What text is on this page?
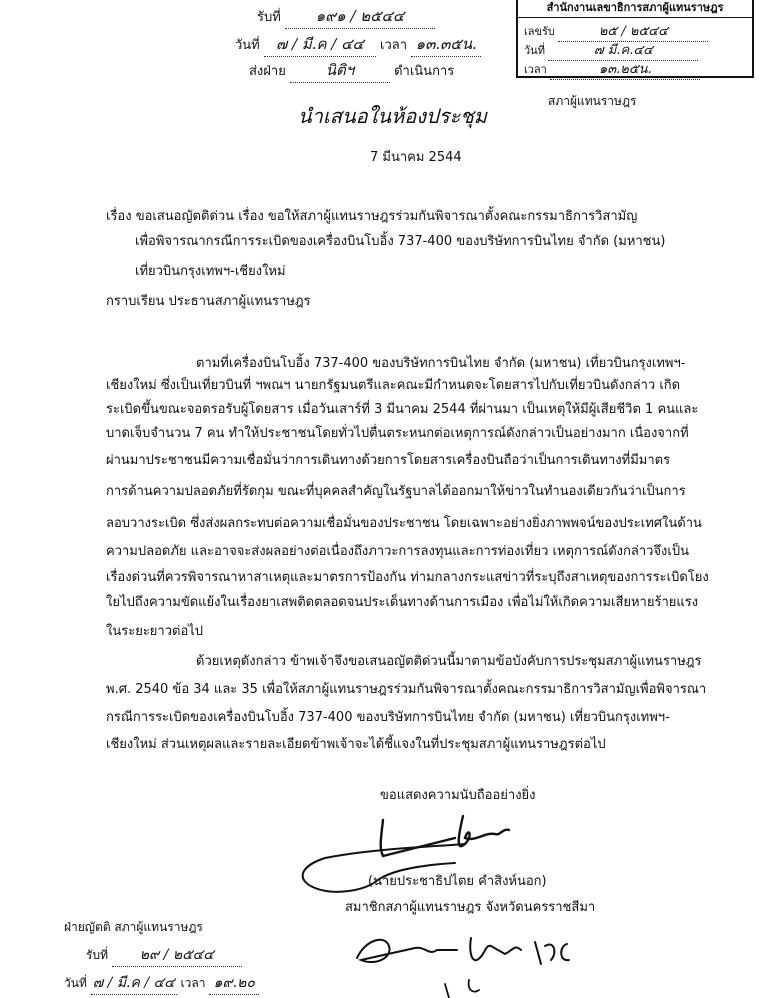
รับที่ ๑๙๑ / ๒๕๔๔
วันที่ ๗ / มี.ค / ๔๔ เวลา ๑๓.๓๕น.
ส่งฝ่าย	นิติฯ	ดำเนินการ
สำนักงานเลขาธิการสภาผู้แทนราษฎร
เลขรับ	๒๕ / ๒๕๔๔
วันที่	๗ มี.ค.๔๔
เวลา	๑๓.๒๕น.
สภาผู้แทนราษฎร
นำเสนอในห้องประชุม
7 มีนาคม 2544
เรื่อง ขอเสนอญัตติด่วน เรื่อง ขอให้สภาผู้แทนราษฎรร่วมกันพิจารณาตั้งคณะกรรมาธิการวิสามัญ
เพื่อพิจารณากรณีการระเบิดของเครื่องบินโบอิ้ง 737-400 ของบริษัทการบินไทย จำกัด (มหาชน)
เที่ยวบินกรุงเทพฯ-เชียงใหม่
กราบเรียน ประธานสภาผู้แทนราษฎร
ตามที่เครื่องบินโบอิ้ง 737-400 ของบริษัทการบินไทย จำกัด (มหาชน) เที่ยวบินกรุงเทพฯ-
เชียงใหม่ ซึ่งเป็นเที่ยวบินที่ ฯพณฯ นายกรัฐมนตรีและคณะมีกำหนดจะโดยสารไปกับเที่ยวบินดังกล่าว เกิด
ระเบิดขึ้นขณะจอดรอรับผู้โดยสาร เมื่อวันเสาร์ที่ 3 มีนาคม 2544 ที่ผ่านมา เป็นเหตุให้มีผู้เสียชีวิต 1 คนและ
บาดเจ็บจำนวน 7 คน ทำให้ประชาชนโดยทั่วไปตื่นตระหนกต่อเหตุการณ์ดังกล่าวเป็นอย่างมาก เนื่องจากที่
ผ่านมาประชาชนมีความเชื่อมั่นว่าการเดินทางด้วยการโดยสารเครื่องบินถือว่าเป็นการเดินทางที่มีมาตร
การด้านความปลอดภัยที่รัดกุม ขณะที่บุคคลสำคัญในรัฐบาลได้ออกมาให้ข่าวในทำนองเดียวกันว่าเป็นการ
ลอบวางระเบิด ซึ่งส่งผลกระทบต่อความเชื่อมั่นของประชาชน โดยเฉพาะอย่างยิ่งภาพพจน์ของประเทศในด้าน
ความปลอดภัย และอาจจะส่งผลอย่างต่อเนื่องถึงภาวะการลงทุนและการท่องเที่ยว เหตุการณ์ดังกล่าวจึงเป็น
เรื่องด่วนที่ควรพิจารณาหาสาเหตุและมาตรการป้องกัน ท่ามกลางกระแสข่าวที่ระบุถึงสาเหตุของการระเบิดโยง
ใยไปถึงความขัดแย้งในเรื่องยาเสพติดตลอดจนประเด็นทางด้านการเมือง เพื่อไม่ให้เกิดความเสียหายร้ายแรง
ในระยะยาวต่อไป
ด้วยเหตุดังกล่าว ข้าพเจ้าจึงขอเสนอญัตติด่วนนี้มาตามข้อบังคับการประชุมสภาผู้แทนราษฎร
พ.ศ. 2540 ข้อ 34 และ 35 เพื่อให้สภาผู้แทนราษฎรร่วมกันพิจารณาตั้งคณะกรรมาธิการวิสามัญเพื่อพิจารณา
กรณีการระเบิดของเครื่องบินโบอิ้ง 737-400 ของบริษัทการบินไทย จำกัด (มหาชน) เที่ยวบินกรุงเทพฯ-
เชียงใหม่ ส่วนเหตุผลและรายละเอียดข้าพเจ้าจะได้ชี้แจงในที่ประชุมสภาผู้แทนราษฎรต่อไป
ขอแสดงความนับถืออย่างยิ่ง
(นายประชาธิปไตย คำสิงห์นอก)
สมาชิกสภาผู้แทนราษฎร จังหวัดนครราชสีมา
ฝ่ายญัตติ สภาผู้แทนราษฎร
รับที่ ๒๙ / ๒๕๔๔
วันที่ ๗ / มี.ค / ๔๔ เวลา ๑๙.๒๐
